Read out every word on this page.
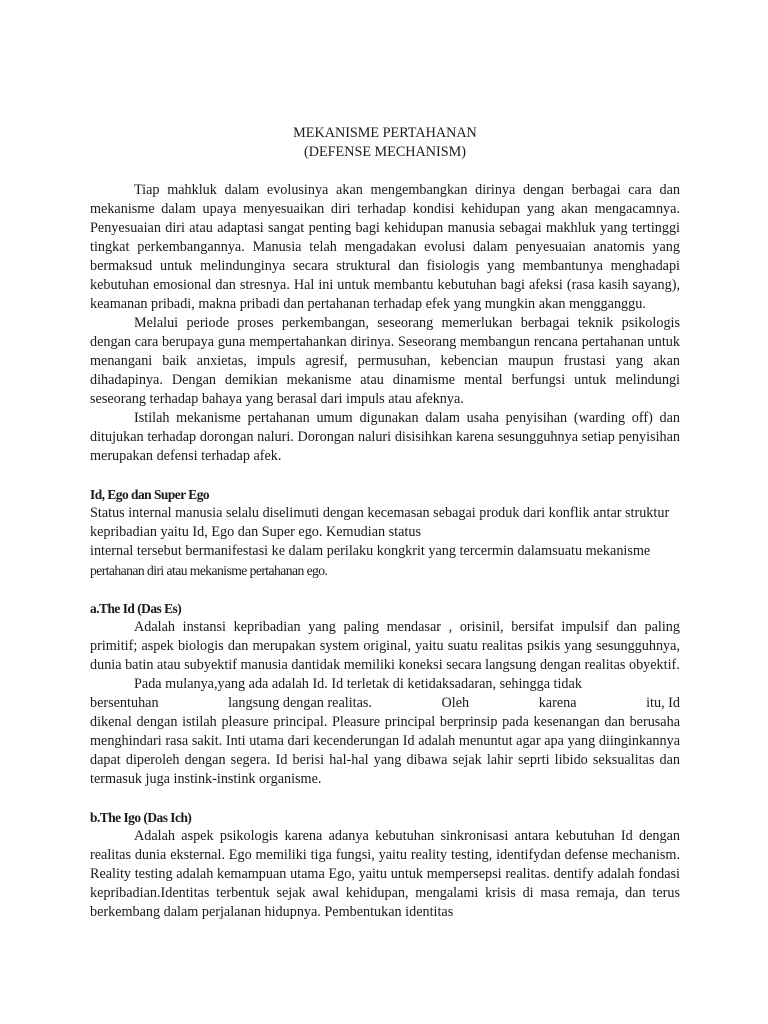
MEKANISME PERTAHANAN

(DEFENSE MECHANISM)

Tiap mahkluk dalam evolusinya akan mengembangkan dirinya dengan berbagai cara dan mekanisme dalam upaya menyesuaikan diri terhadap kondisi kehidupan yang akan mengacamnya. Penyesuaian diri atau adaptasi sangat penting bagi kehidupan manusia sebagai makhluk yang tertinggi tingkat perkembangannya. Manusia telah mengadakan evolusi dalam penyesuaian anatomis yang bermaksud untuk melindunginya secara struktural dan fisiologis yang membantunya menghadapi kebutuhan emosional dan stresnya. Hal ini untuk membantu kebutuhan bagi afeksi (rasa kasih sayang), keamanan pribadi, makna pribadi dan pertahanan terhadap efek yang mungkin akan mengganggu.

Melalui periode proses perkembangan, seseorang memerlukan berbagai teknik psikologis dengan cara berupaya guna mempertahankan dirinya. Seseorang membangun rencana pertahanan untuk menangani baik anxietas, impuls agresif, permusuhan, kebencian maupun frustasi yang akan dihadapinya. Dengan demikian mekanisme atau dinamisme mental berfungsi untuk melindungi seseorang terhadap bahaya yang berasal dari impuls atau afeknya.

Istilah mekanisme pertahanan umum digunakan dalam usaha penyisihan (warding off) dan ditujukan terhadap dorongan naluri. Dorongan naluri disisihkan karena sesungguhnya setiap penyisihan merupakan defensi terhadap afek.

Id, Ego dan Super Ego

Status internal manusia selalu diselimuti dengan kecemasan sebagai produk dari konflik antar struktur kepribadian yaitu Id, Ego dan Super ego. Kemudian status

internal tersebut bermanifestasi ke dalam perilaku kongkrit yang tercermin dalamsuatu mekanisme

pertahanan diri atau mekanisme pertahanan ego.

a.The Id (Das Es)

Adalah instansi kepribadian yang paling mendasar , orisinil, bersifat impulsif dan paling primitif; aspek biologis dan merupakan system original, yaitu suatu realitas psikis yang sesungguhnya, dunia batin atau subyektif manusia dantidak memiliki koneksi secara langsung dengan realitas obyektif.

Pada mulanya,yang ada adalah Id. Id terletak di ketidaksadaran, sehingga tidak

bersentuhan	langsung dengan realitas.	Oleh	karena	itu, Id

dikenal dengan istilah pleasure principal. Pleasure principal berprinsip pada kesenangan dan berusaha menghindari rasa sakit. Inti utama dari kecenderungan Id adalah menuntut agar apa yang diinginkannya dapat diperoleh dengan segera. Id berisi hal-hal yang dibawa sejak lahir seprti libido seksualitas dan termasuk juga instink-instink organisme.

b.The Igo (Das Ich)

Adalah aspek psikologis karena adanya kebutuhan sinkronisasi antara kebutuhan Id dengan realitas dunia eksternal. Ego memiliki tiga fungsi, yaitu reality testing, identifydan defense mechanism. Reality testing adalah kemampuan utama Ego, yaitu untuk mempersepsi realitas. dentify adalah fondasi kepribadian.Identitas terbentuk sejak awal kehidupan, mengalami krisis di masa remaja, dan terus berkembang dalam perjalanan hidupnya. Pembentukan identitas
